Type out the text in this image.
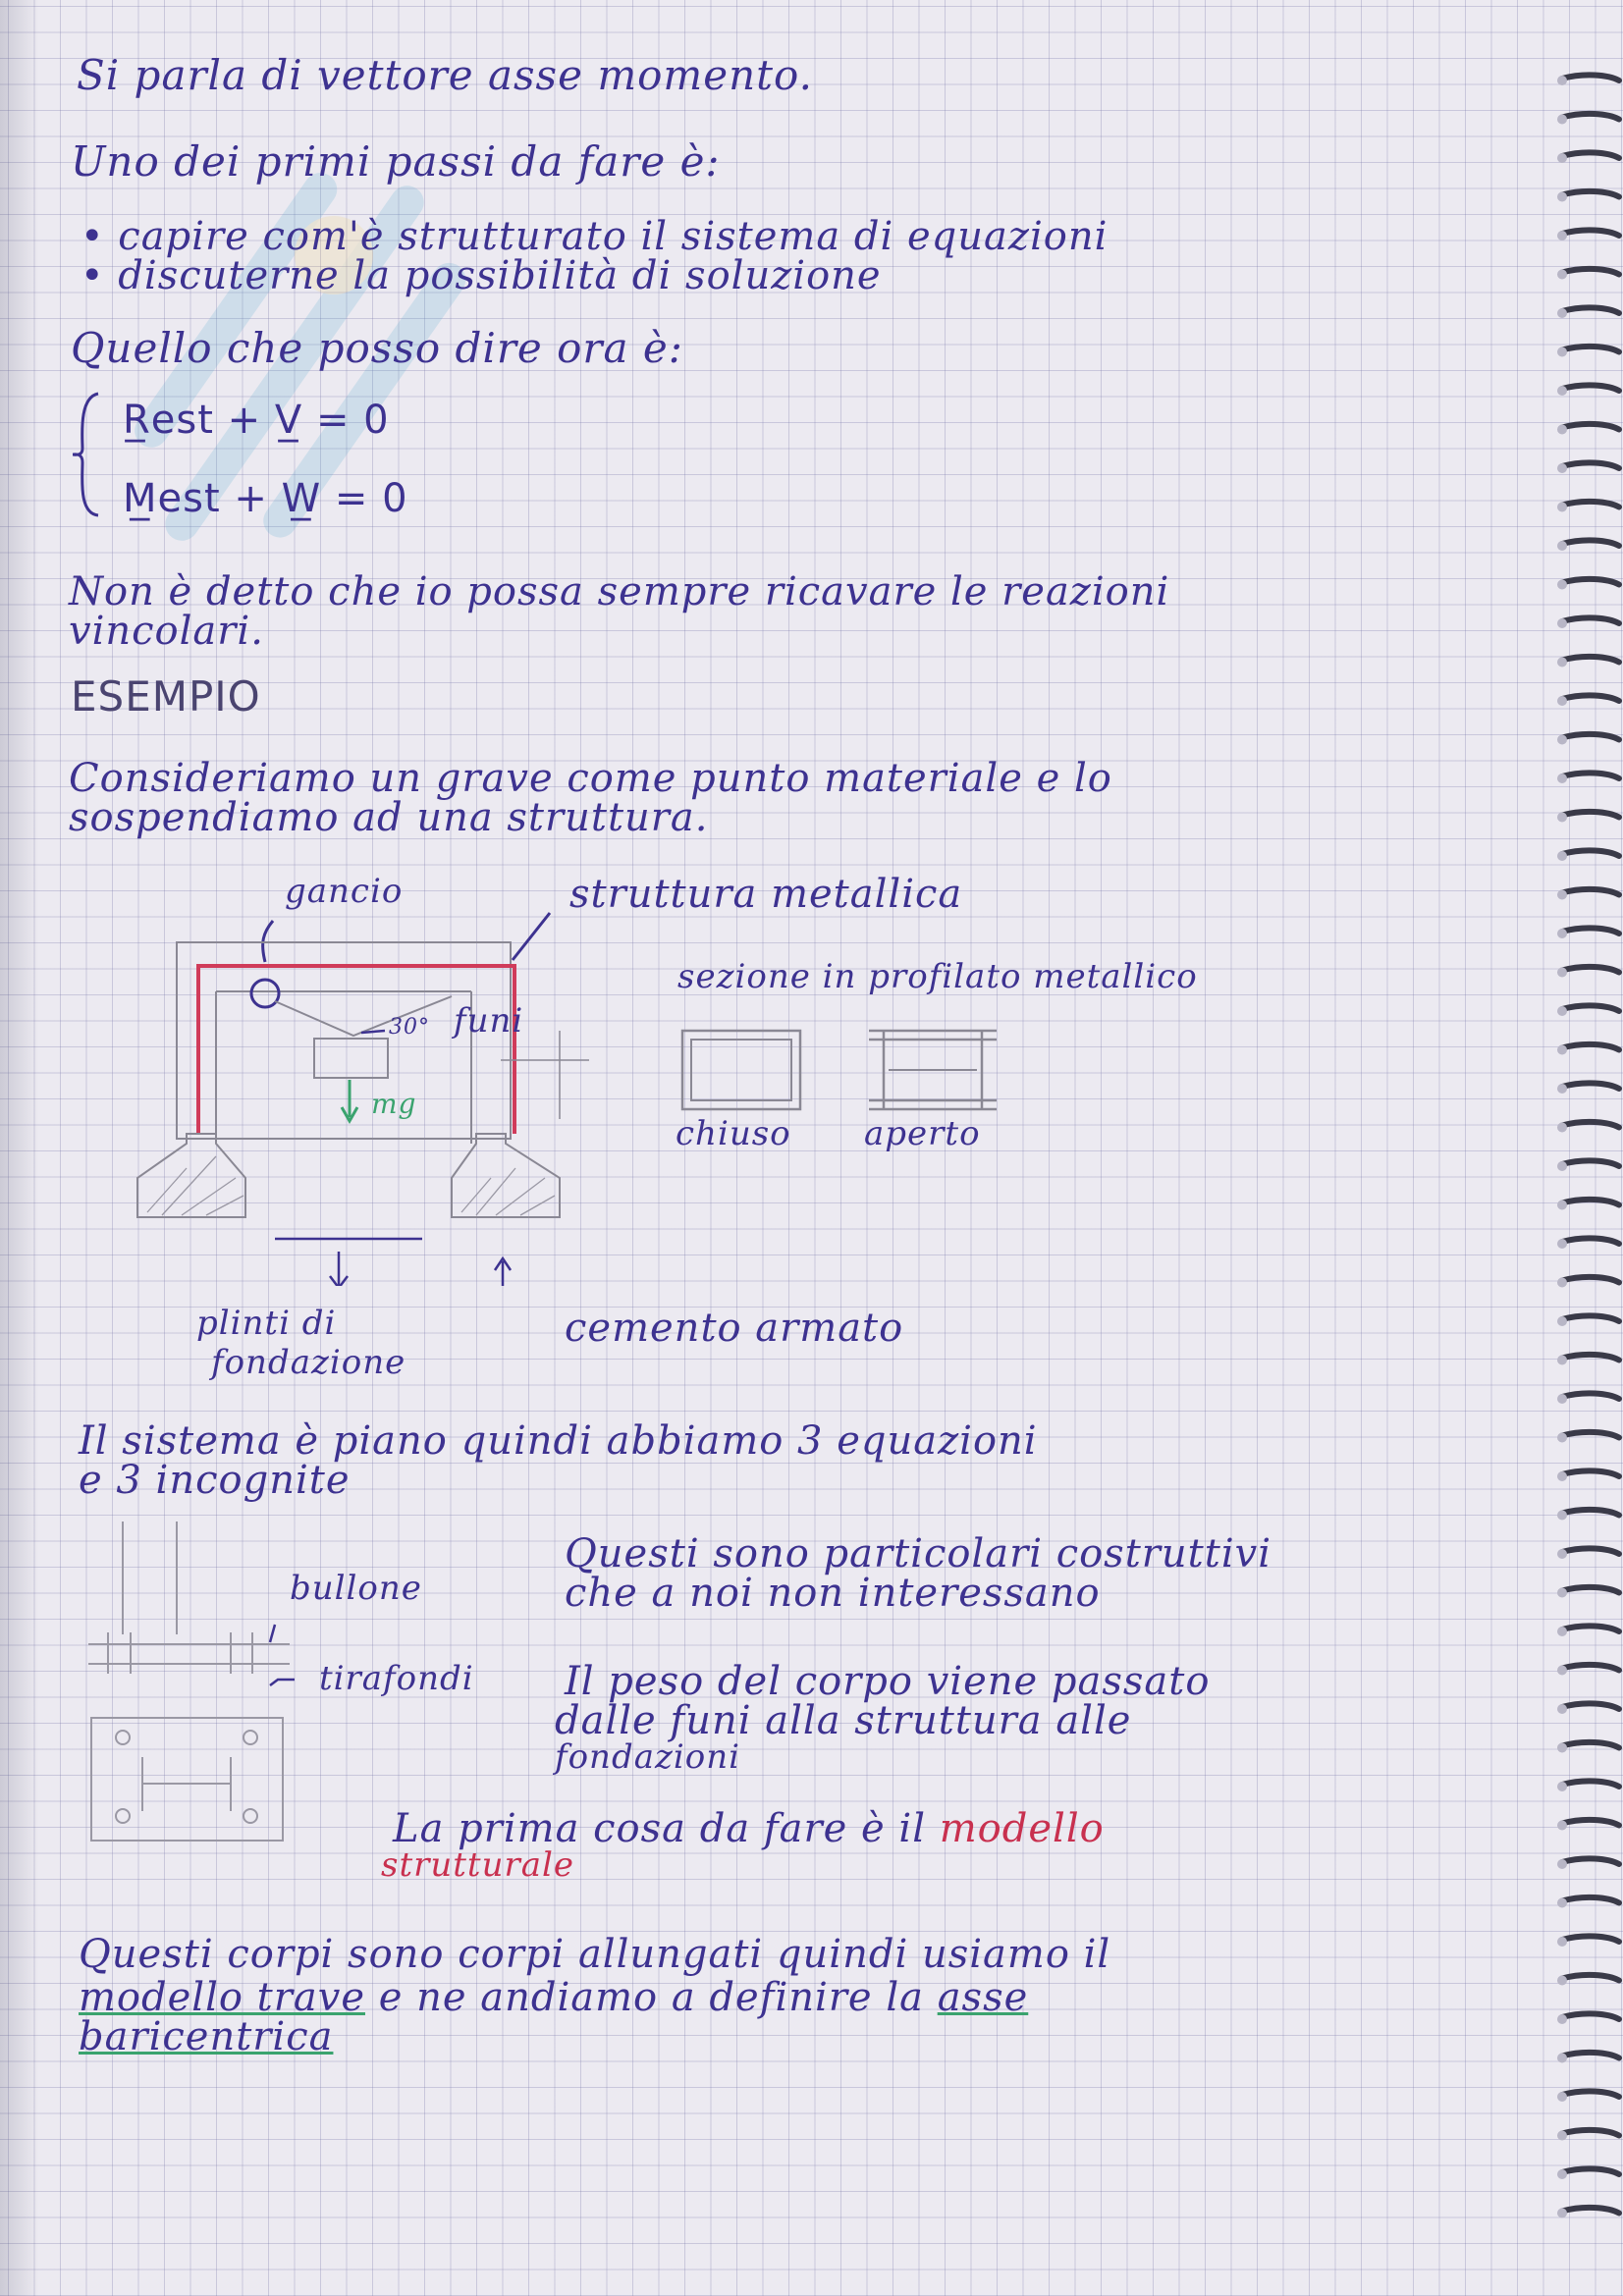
Si parla di vettore asse momento.
Uno dei primi passi da fare è:
• capire com'è strutturato il sistema di equazioni
• discuterne la possibilità di soluzione
Quello che posso dire ora è:
R̲est + V̲ = 0
M̲est + W̲ = 0
Non è detto che io possa sempre ricavare le reazioni
vincolari.
ESEMPIO
Consideriamo un grave come punto materiale e lo
sospendiamo ad una struttura.
gancio	struttura metallica
sezione in profilato metallico
30° funi
mg
chiuso aperto
plinti di
fondazione
cemento armato
Il sistema è piano quindi abbiamo 3 equazioni
e 3 incognite
bullone
tirafondi
Questi sono particolari costruttivi
che a noi non interessano
Il peso del corpo viene passato
dalle funi alla struttura alle
fondazioni
La prima cosa da fare è il modello
strutturale
Questi corpi sono corpi allungati quindi usiamo il
modello trave e ne andiamo a definire la asse
baricentrica
